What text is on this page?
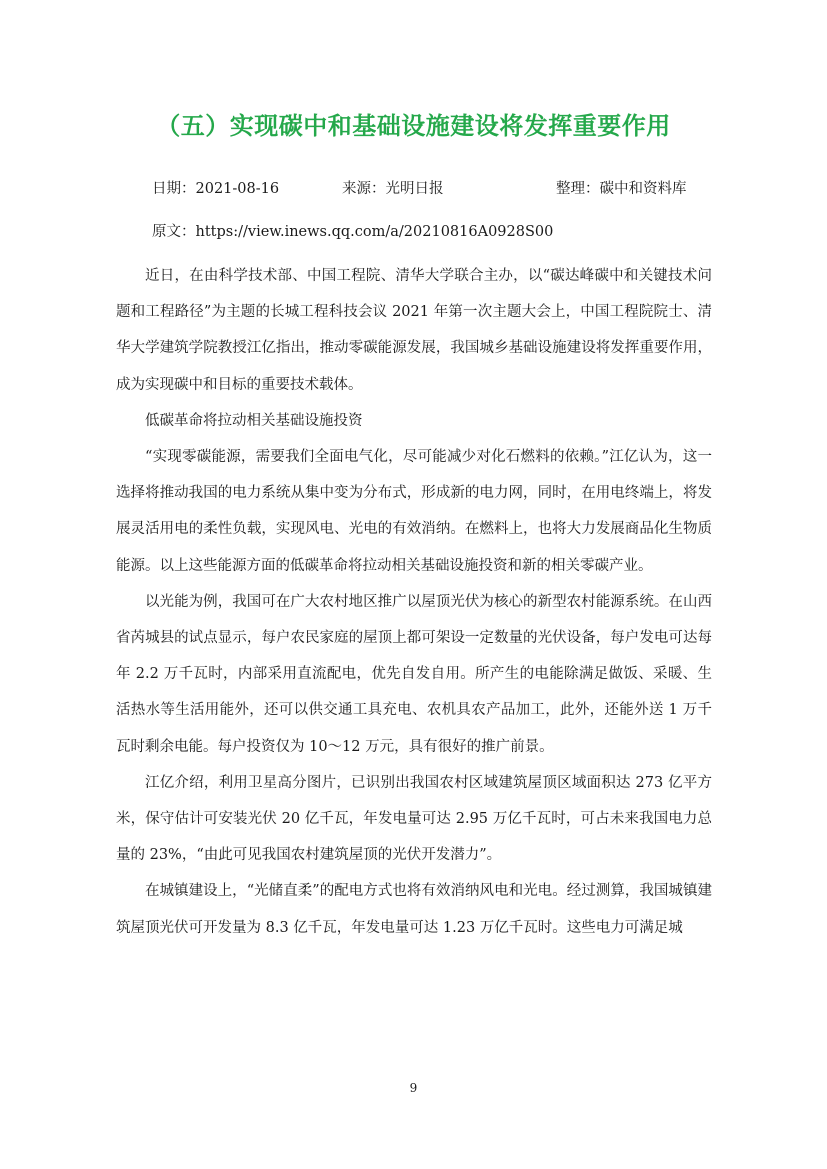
（五）实现碳中和基础设施建设将发挥重要作用
日期：2021-08-16	来源：光明日报	整理：碳中和资料库
原文：https://view.inews.qq.com/a/20210816A0928S00

近日，在由科学技术部、中国工程院、清华大学联合主办，以“碳达峰碳中和关键技术问题和工程路径”为主题的长城工程科技会议 2021 年第一次主题大会上，中国工程院院士、清华大学建筑学院教授江亿指出，推动零碳能源发展，我国城乡基础设施建设将发挥重要作用，成为实现碳中和目标的重要技术载体。

低碳革命将拉动相关基础设施投资

“实现零碳能源，需要我们全面电气化，尽可能减少对化石燃料的依赖。”江亿认为，这一选择将推动我国的电力系统从集中变为分布式，形成新的电力网，同时，在用电终端上，将发展灵活用电的柔性负载，实现风电、光电的有效消纳。在燃料上，也将大力发展商品化生物质能源。以上这些能源方面的低碳革命将拉动相关基础设施投资和新的相关零碳产业。

以光能为例，我国可在广大农村地区推广以屋顶光伏为核心的新型农村能源系统。在山西省芮城县的试点显示，每户农民家庭的屋顶上都可架设一定数量的光伏设备，每户发电可达每年 2.2 万千瓦时，内部采用直流配电，优先自发自用。所产生的电能除满足做饭、采暖、生活热水等生活用能外，还可以供交通工具充电、农机具农产品加工，此外，还能外送 1 万千瓦时剩余电能。每户投资仅为 10～12 万元，具有很好的推广前景。

江亿介绍，利用卫星高分图片，已识别出我国农村区域建筑屋顶区域面积达 273 亿平方米，保守估计可安装光伏 20 亿千瓦，年发电量可达 2.95 万亿千瓦时，可占未来我国电力总量的 23%，“由此可见我国农村建筑屋顶的光伏开发潜力”。

在城镇建设上，“光储直柔”的配电方式也将有效消纳风电和光电。经过测算，我国城镇建筑屋顶光伏可开发量为 8.3 亿千瓦，年发电量可达 1.23 万亿千瓦时。这些电力可满足城

9
